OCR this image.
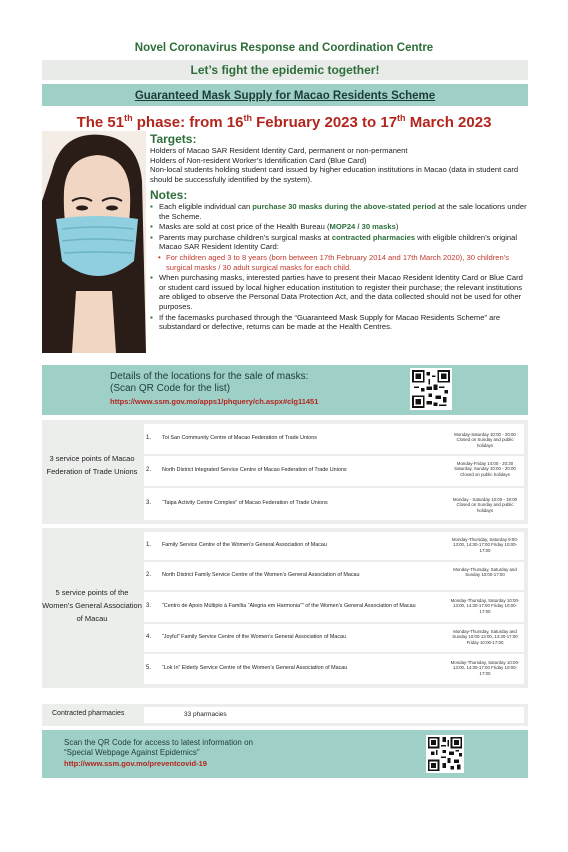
Novel Coronavirus Response and Coordination Centre
Let’s fight the epidemic together!
Guaranteed Mask Supply for Macao Residents Scheme
The 51th phase: from 16th February 2023 to 17th March 2023
Targets:
Holders of Macao SAR Resident Identity Card, permanent or non-permanent
Holders of Non-resident Worker’s Identification Card (Blue Card)
Non-local students holding student card issued by higher education institutions in Macao (data in student card should be successfully identified by the system).
Notes:
▪ Each eligible individual can purchase 30 masks during the above-stated period at the sale locations under the Scheme.
▪ Masks are sold at cost price of the Health Bureau (MOP24 / 30 masks)
▪ Parents may purchase children’s surgical masks at contracted pharmacies with eligible children’s original Macao SAR Resident Identity Card:
• For children aged 3 to 8 years (born between 17th February 2014 and 17th March 2020), 30 children’s surgical masks / 30 adult surgical masks for each child.
▪ When purchasing masks, interested parties have to present their Macao Resident Identity Card or Blue Card or student card issued by local higher education institution to register their purchase; the relevant institutions are obliged to observe the Personal Data Protection Act, and the data collected should not be used for other purposes.
▪ If the facemasks purchased through the “Guaranteed Mask Supply for Macao Residents Scheme” are substandard or defective, returns can be made at the Health Centres.
Details of the locations for the sale of masks:
(Scan QR Code for the list)
https://www.ssm.gov.mo/apps1/phquery/ch.aspx#clg11451
3 service points of Macao Federation of Trade Unions
1. Toi San Community Centre of Macao Federation of Trade Unions
Monday-Saturday 10:00 - 20:00 Closed on Sunday and public holidays
2. North District Integrated Service Centre of Macao Federation of Trade Unions
Monday-Friday 14:00 - 20:30 Saturday, Sunday 10:00 - 20:00 Closed on public holidays
3. “Taipa Activity Centre Complex” of Macao Federation of Trade Unions
Monday - Saturday 10:00 - 19:00 Closed on Sunday and public holidays
5 service points of the Women’s General Association of Macau
1. Family Service Centre of the Women’s General Association of Macau
Monday-Thursday, Saturday 9:00-13:00, 14:30-17:00 Friday 10:00-17:00
2. North District Family Service Centre of the Women’s General Association of Macau
Monday-Thursday, Saturday and Sunday 10:00-17:00
3. “Centro de Apoio Múltiplo à Família “Alegria em Harmonia”” of the Women’s General Association of Macau
Monday-Thursday, Saturday 10:00-13:00, 14:30-17:00 Friday 10:00-17:00
4. “Joyful” Family Service Centre of the Women’s General Association of Macau
Monday-Thursday, Saturday and Sunday 10:00-13:00, 14:30-17:00 Friday 10:00-17:00
5. “Lok In” Elderly Service Centre of the Women’s General Association of Macau
Monday-Thursday, Saturday 10:00-13:00, 14:30-17:00 Friday 10:00-17:00
Contracted pharmacies	33 pharmacies
Scan the QR Code for access to latest information on
“Special Webpage Against Epidemics”
http://www.ssm.gov.mo/preventcovid-19
